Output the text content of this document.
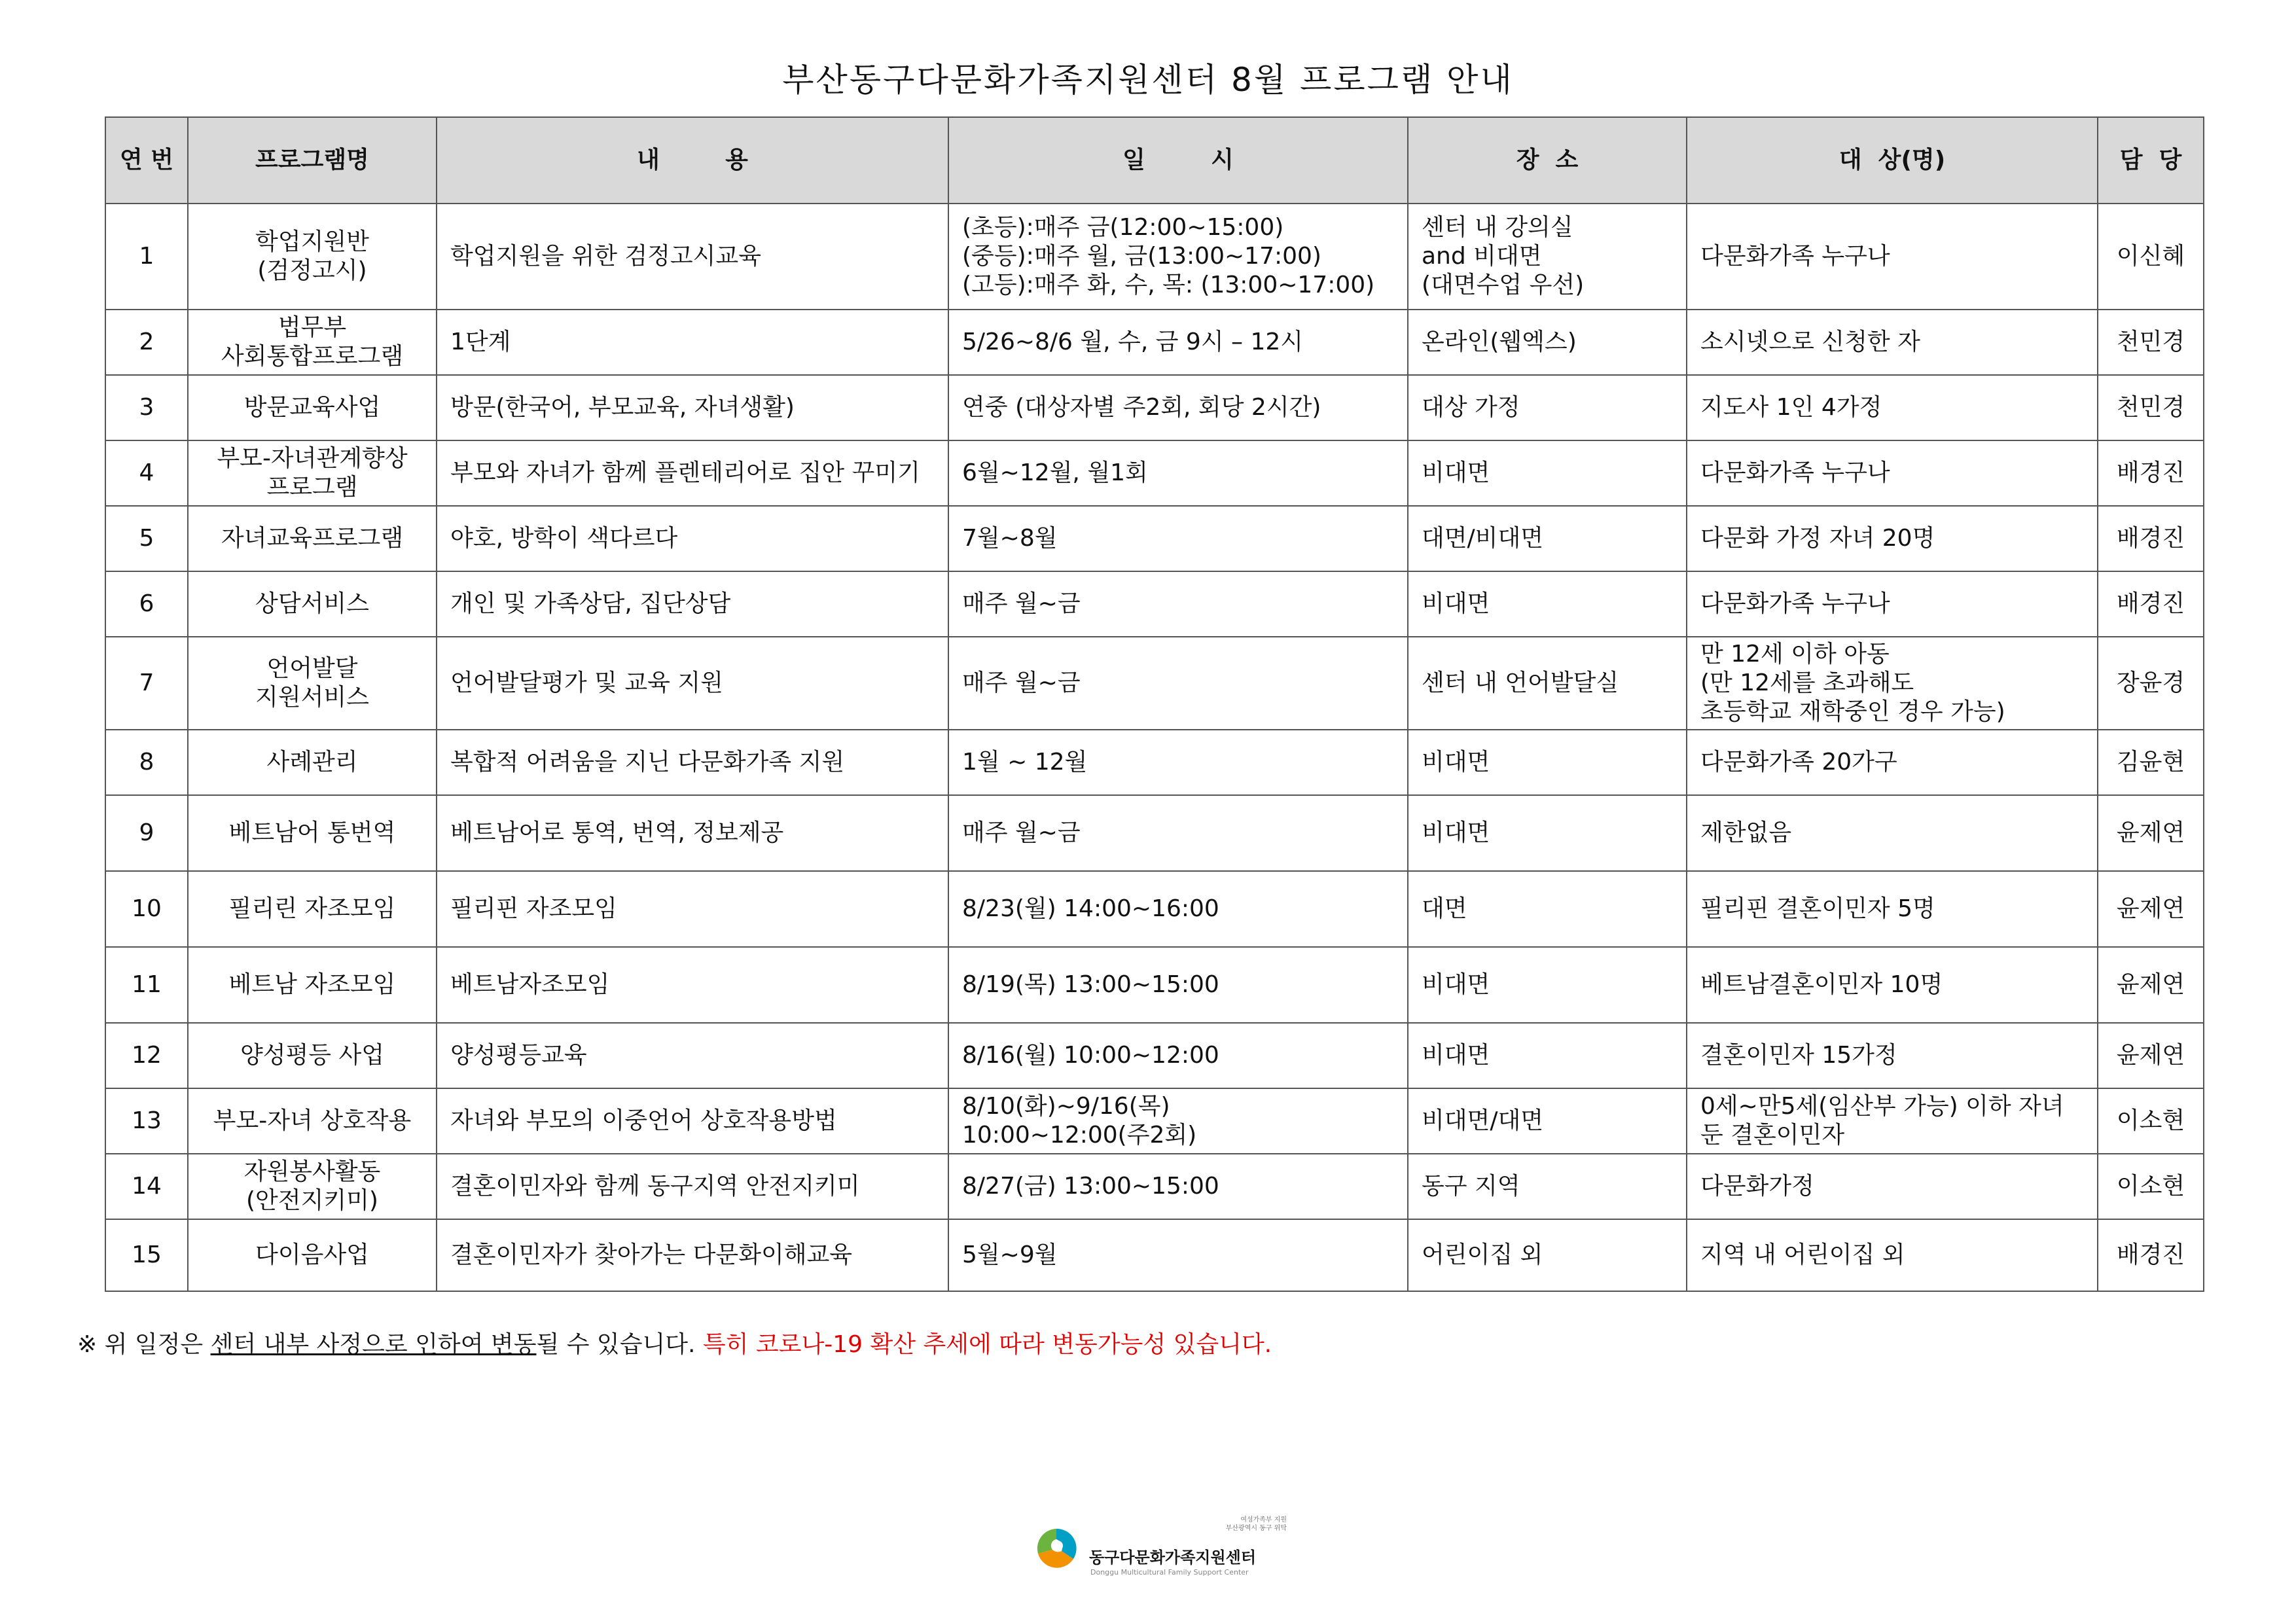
부산동구다문화가족지원센터 8월 프로그램 안내
연 번	프로그램명	내        용	일        시	장  소	대  상(명)	담  당
1	학업지원반
(검정고시)	학업지원을 위한 검정고시교육	(초등):매주 금(12:00~15:00)
(중등):매주 월, 금(13:00~17:00)
(고등):매주 화, 수, 목: (13:00~17:00)	센터 내 강의실
and 비대면
(대면수업 우선)	다문화가족 누구나	이신혜
2	법무부
사회통합프로그램	1단계	5/26~8/6 월, 수, 금 9시 – 12시	온라인(웹엑스)	소시넷으로 신청한 자	천민경
3	방문교육사업	방문(한국어, 부모교육, 자녀생활)	연중 (대상자별 주2회, 회당 2시간)	대상 가정	지도사 1인 4가정	천민경
4	부모-자녀관계향상
프로그램	부모와 자녀가 함께 플렌테리어로 집안 꾸미기	6월~12월, 월1회	비대면	다문화가족 누구나	배경진
5	자녀교육프로그램	야호, 방학이 색다르다	7월~8월	대면/비대면	다문화 가정 자녀 20명	배경진
6	상담서비스	개인 및 가족상담, 집단상담	매주 월~금	비대면	다문화가족 누구나	배경진
7	언어발달
지원서비스	언어발달평가 및 교육 지원	매주 월~금	센터 내 언어발달실	만 12세 이하 아동
(만 12세를 초과해도
초등학교 재학중인 경우 가능)	장윤경
8	사례관리	복합적 어려움을 지닌 다문화가족 지원	1월 ~ 12월	비대면	다문화가족 20가구	김윤현
9	베트남어 통번역	베트남어로 통역, 번역, 정보제공	매주 월~금	비대면	제한없음	윤제연
10	필리린 자조모임	필리핀 자조모임	8/23(월) 14:00~16:00	대면	필리핀 결혼이민자 5명	윤제연
11	베트남 자조모임	베트남자조모임	8/19(목) 13:00~15:00	비대면	베트남결혼이민자 10명	윤제연
12	양성평등 사업	양성평등교육	8/16(월) 10:00~12:00	비대면	결혼이민자 15가정	윤제연
13	부모-자녀 상호작용	자녀와 부모의 이중언어 상호작용방법	8/10(화)~9/16(목) 10:00~12:00(주2회)	비대면/대면	0세~만5세(임산부 가능) 이하 자녀
둔 결혼이민자	이소현
14	자원봉사활동
(안전지키미)	결혼이민자와 함께 동구지역 안전지키미	8/27(금) 13:00~15:00	동구 지역	다문화가정	이소현
15	다이음사업	결혼이민자가 찾아가는 다문화이해교육	5월~9월	어린이집 외	지역 내 어린이집 외	배경진
※ 위 일정은 센터 내부 사정으로 인하여 변동될 수 있습니다. 특히 코로나-19 확산 추세에 따라 변동가능성 있습니다.
여성가족부 지원
부산광역시 동구 위탁
동구다문화가족지원센터
Donggu Multicultural Family Support Center
